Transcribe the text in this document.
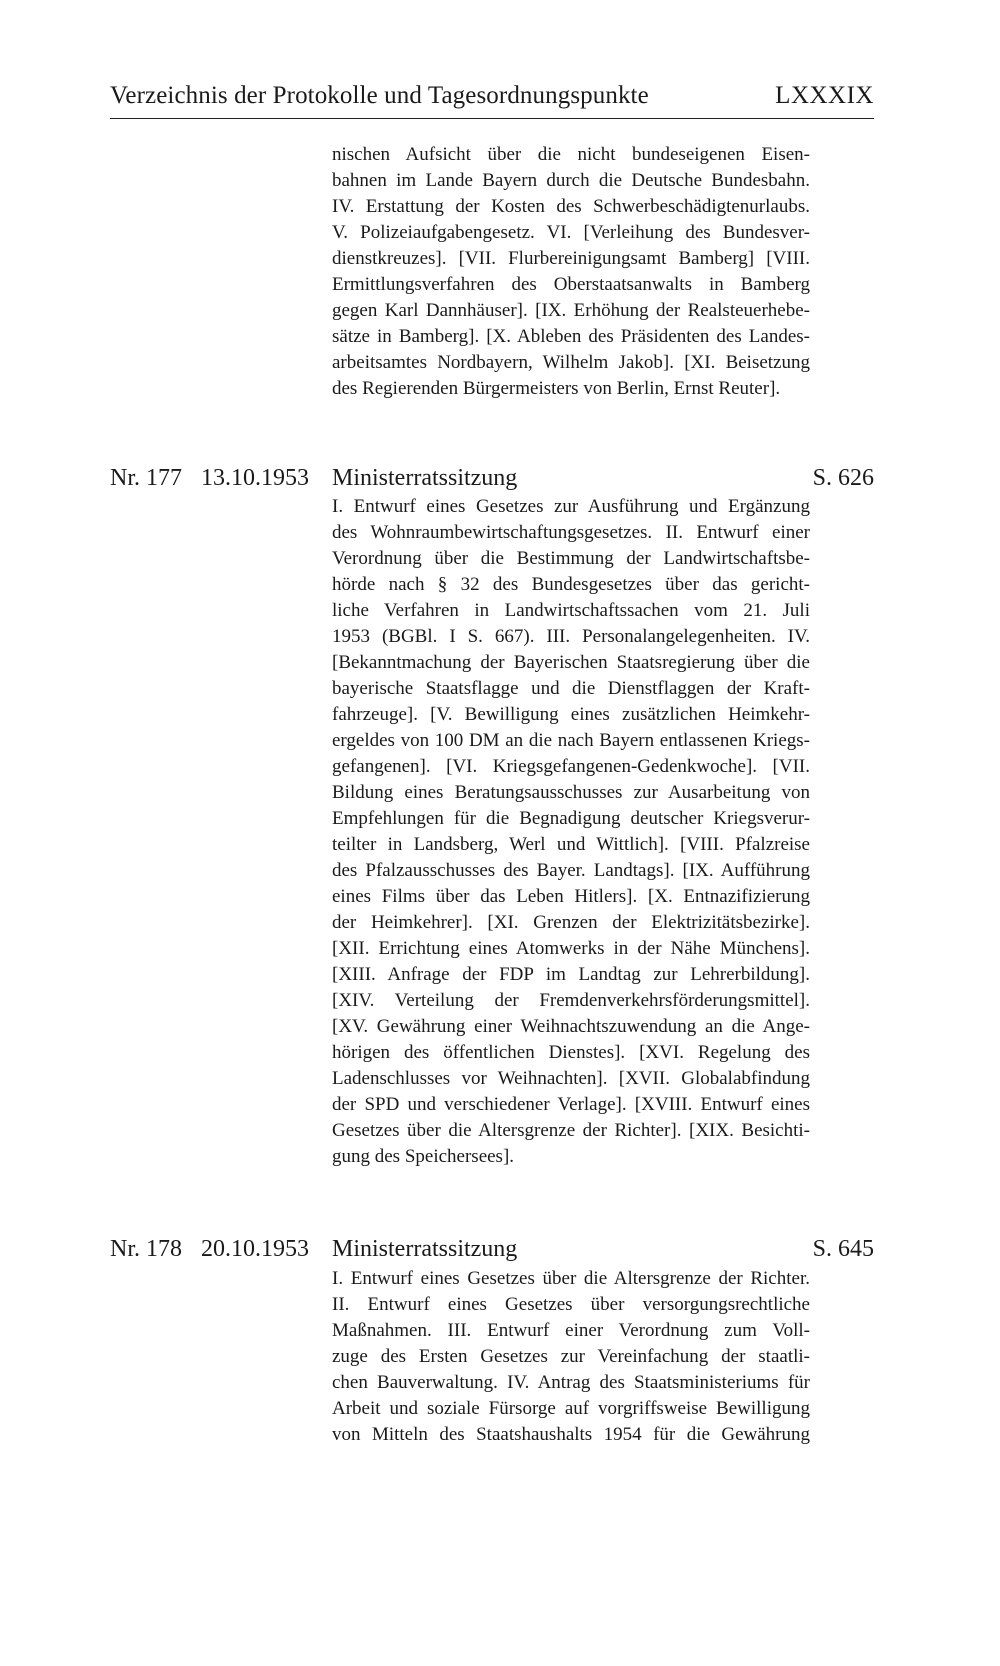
Verzeichnis der Protokolle und Tagesordnungspunkte	LXXXIX
nischen Aufsicht über die nicht bundeseigenen Eisen-
bahnen im Lande Bayern durch die Deutsche Bundesbahn.
IV. Erstattung der Kosten des Schwerbeschädigtenurlaubs.
V. Polizeiaufgabengesetz. VI. [Verleihung des Bundesver-
dienstkreuzes]. [VII. Flurbereinigungsamt Bamberg] [VIII.
Ermittlungsverfahren des Oberstaatsanwalts in Bamberg
gegen Karl Dannhäuser]. [IX. Erhöhung der Realsteuerhebe-
sätze in Bamberg]. [X. Ableben des Präsidenten des Landes-
arbeitsamtes Nordbayern, Wilhelm Jakob]. [XI. Beisetzung
des Regierenden Bürgermeisters von Berlin, Ernst Reuter].
Nr. 177 13.10.1953 Ministerratssitzung	S. 626
I. Entwurf eines Gesetzes zur Ausführung und Ergänzung
des Wohnraumbewirtschaftungsgesetzes. II. Entwurf einer
Verordnung über die Bestimmung der Landwirtschaftsbe-
hörde nach § 32 des Bundesgesetzes über das gericht-
liche Verfahren in Landwirtschaftssachen vom 21. Juli
1953 (BGBl. I S. 667). III. Personalangelegenheiten. IV.
[Bekanntmachung der Bayerischen Staatsregierung über die
bayerische Staatsflagge und die Dienstflaggen der Kraft-
fahrzeuge]. [V. Bewilligung eines zusätzlichen Heimkehr-
ergeldes von 100 DM an die nach Bayern entlassenen Kriegs-
gefangenen]. [VI. Kriegsgefangenen-Gedenkwoche]. [VII.
Bildung eines Beratungsausschusses zur Ausarbeitung von
Empfehlungen für die Begnadigung deutscher Kriegsverur-
teilter in Landsberg, Werl und Wittlich]. [VIII. Pfalzreise
des Pfalzausschusses des Bayer. Landtags]. [IX. Aufführung
eines Films über das Leben Hitlers]. [X. Entnazifizierung
der Heimkehrer]. [XI. Grenzen der Elektrizitätsbezirke].
[XII. Errichtung eines Atomwerks in der Nähe Münchens].
[XIII. Anfrage der FDP im Landtag zur Lehrerbildung].
[XIV. Verteilung der Fremdenverkehrsförderungsmittel].
[XV. Gewährung einer Weihnachtszuwendung an die Ange-
hörigen des öffentlichen Dienstes]. [XVI. Regelung des
Ladenschlusses vor Weihnachten]. [XVII. Globalabfindung
der SPD und verschiedener Verlage]. [XVIII. Entwurf eines
Gesetzes über die Altersgrenze der Richter]. [XIX. Besichti-
gung des Speichersees].
Nr. 178 20.10.1953 Ministerratssitzung	S. 645
I. Entwurf eines Gesetzes über die Altersgrenze der Richter.
II. Entwurf eines Gesetzes über versorgungsrechtliche
Maßnahmen. III. Entwurf einer Verordnung zum Voll-
zuge des Ersten Gesetzes zur Vereinfachung der staatli-
chen Bauverwaltung. IV. Antrag des Staatsministeriums für
Arbeit und soziale Fürsorge auf vorgriffsweise Bewilligung
von Mitteln des Staatshaushalts 1954 für die Gewährung
